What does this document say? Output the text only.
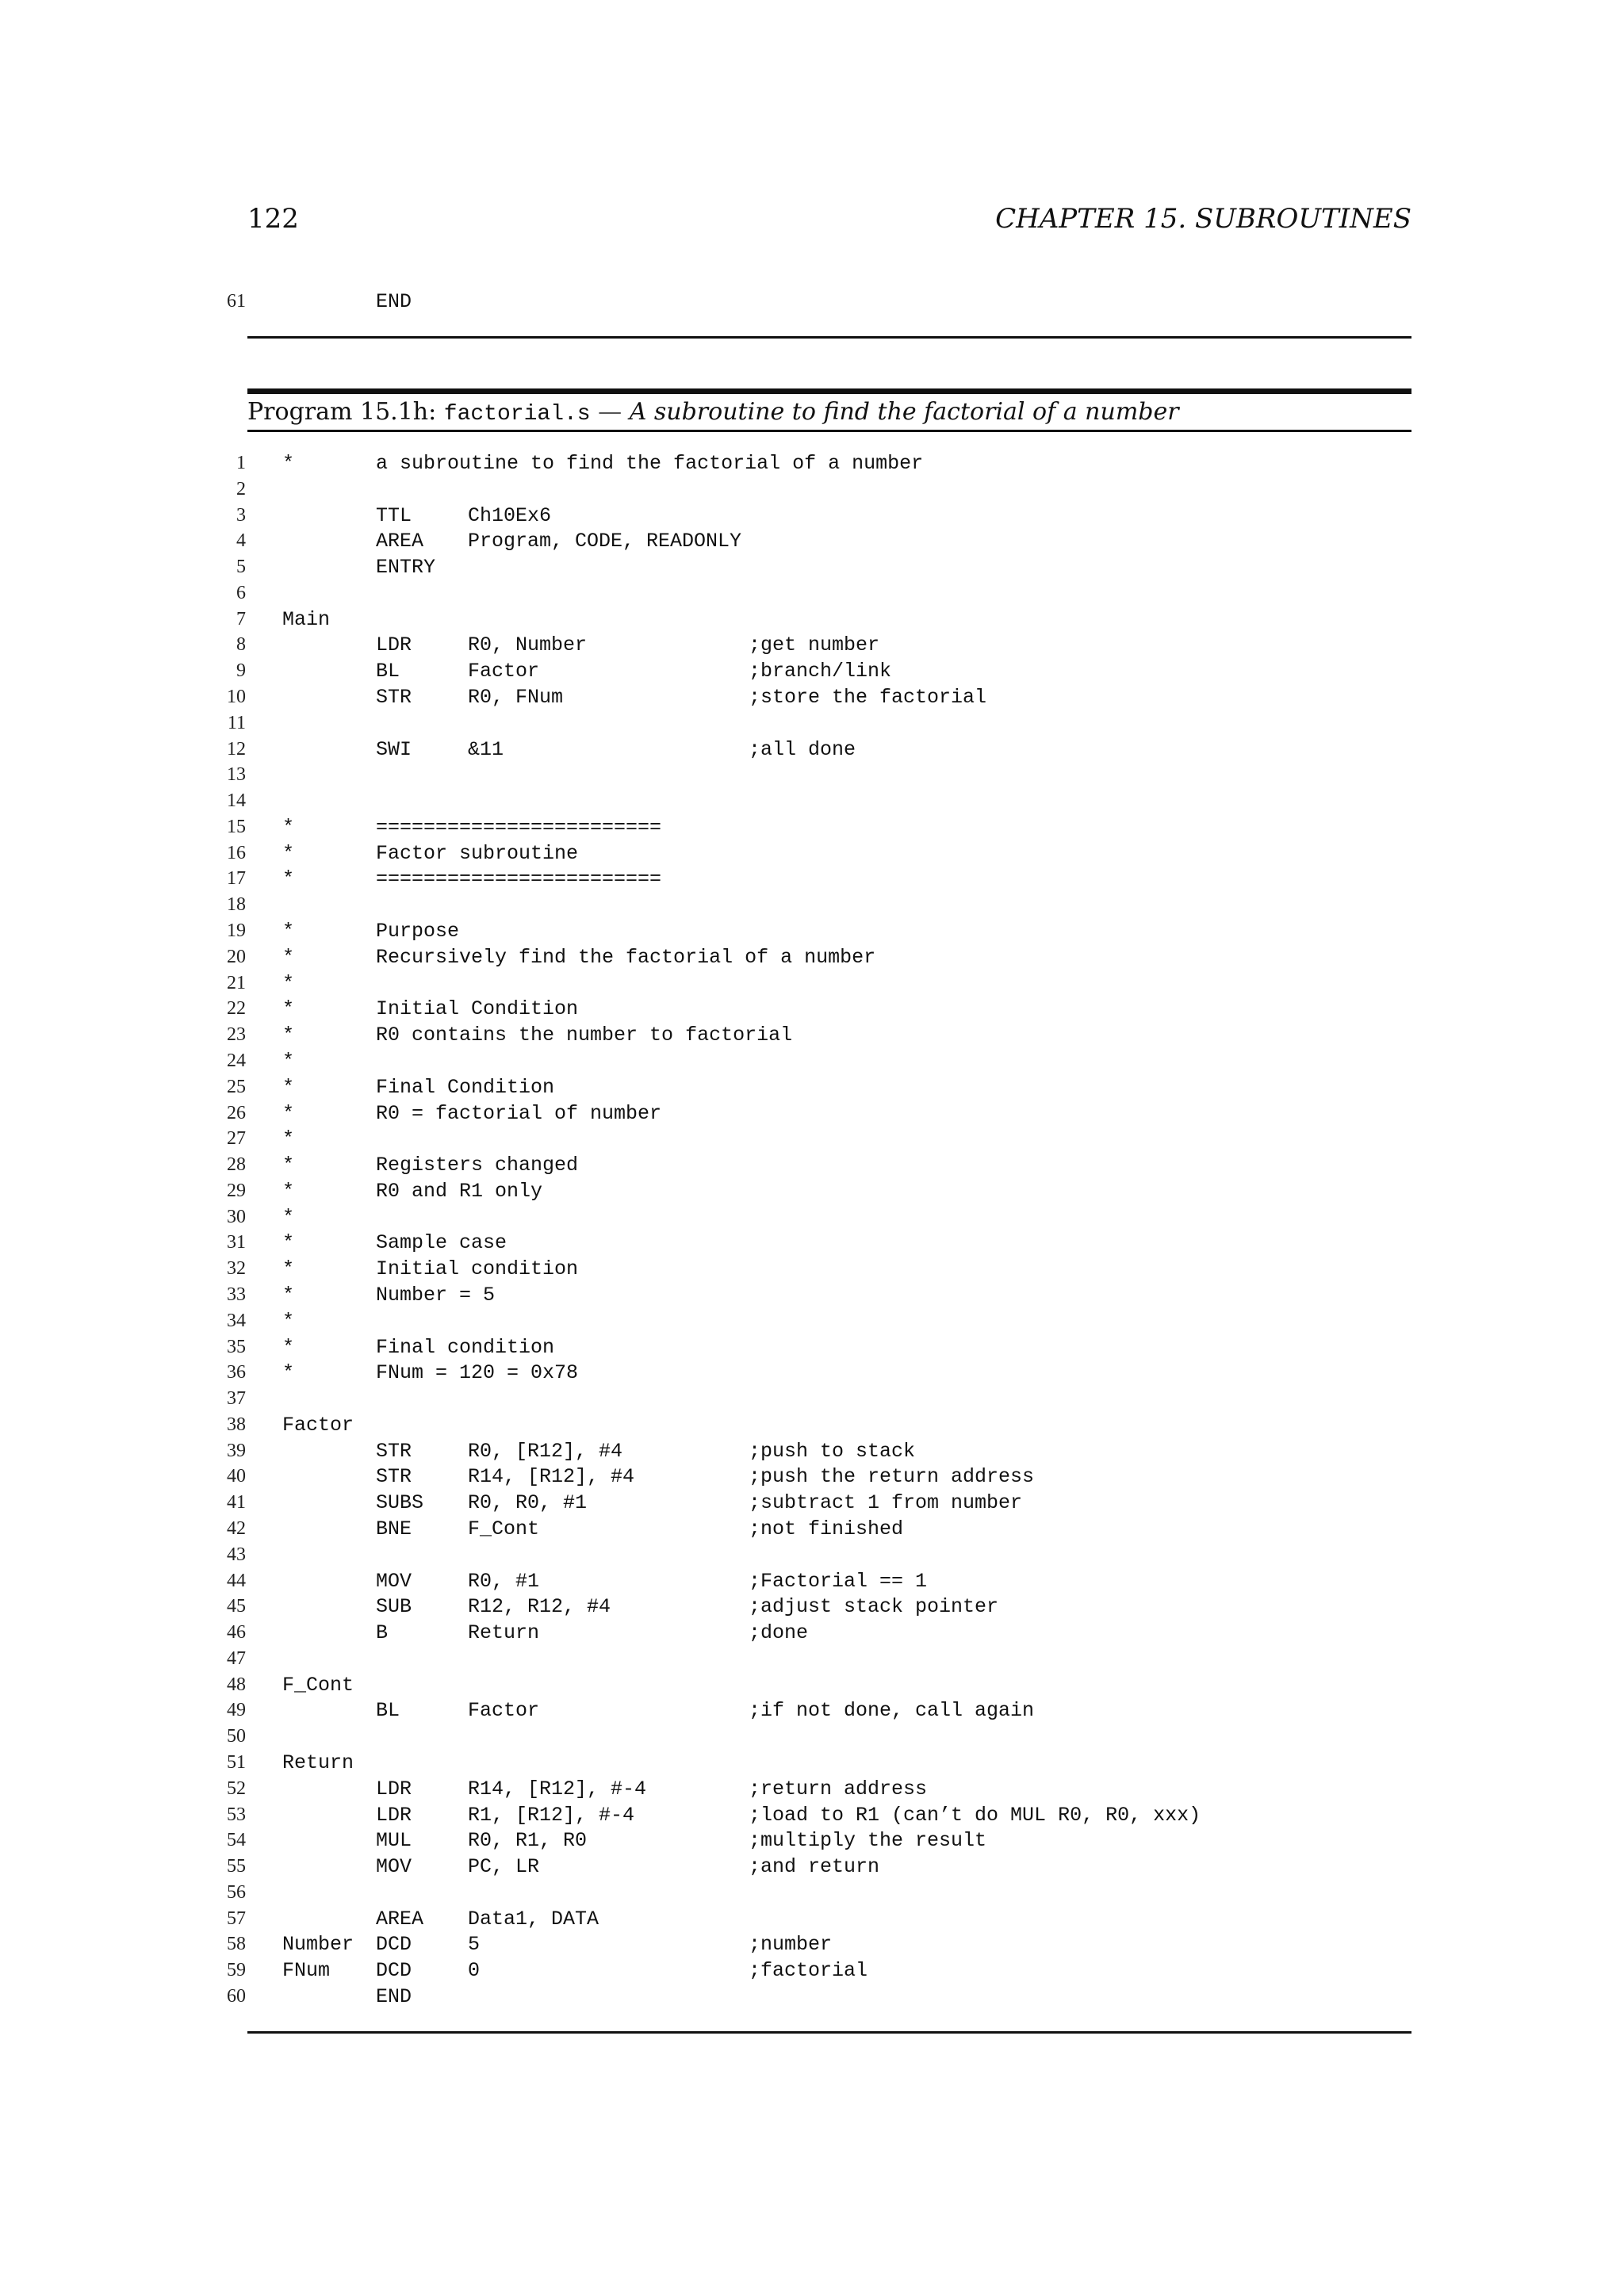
122	CHAPTER 15. SUBROUTINES
61	END
Program 15.1h: factorial.s — A subroutine to find the factorial of a number
1 *	a subroutine to find the factorial of a number
2
3	TTL	Ch10Ex6
4	AREA Program, CODE, READONLY
5	ENTRY
6
7 Main
8	LDR	R0, Number	;get number
9	BL	Factor	;branch/link
10	STR	R0, FNum	;store the factorial
11
12	SWI	&11	;all done
13
14
15 *	========================
16 *	Factor subroutine
17 *	========================
18
19 *	Purpose
20 *	Recursively find the factorial of a number
21 *
22 *	Initial Condition
23 *	R0 contains the number to factorial
24 *
25 *	Final Condition
26 *	R0 = factorial of number
27 *
28 *	Registers changed
29 *	R0 and R1 only
30 *
31 *	Sample case
32 *	Initial condition
33 *	Number = 5
34 *
35 *	Final condition
36 *	FNum = 120 = 0x78
37
38 Factor
39	STR	R0, [R12], #4	;push to stack
40	STR	R14, [R12], #4	;push the return address
41	SUBS R0, R0, #1	;subtract 1 from number
42	BNE	F_Cont	;not finished
43
44	MOV	R0, #1	;Factorial == 1
45	SUB	R12, R12, #4	;adjust stack pointer
46	B	Return	;done
47
48 F_Cont
49	BL	Factor	;if not done, call again
50
51 Return
52	LDR	R14, [R12], #-4	;return address
53	LDR	R1, [R12], #-4	;load to R1 (can’t do MUL R0, R0, xxx)
54	MUL	R0, R1, R0	;multiply the result
55	MOV	PC, LR	;and return
56
57	AREA Data1, DATA
58 Number DCD	5	;number
59 FNum DCD	0	;factorial
60	END
